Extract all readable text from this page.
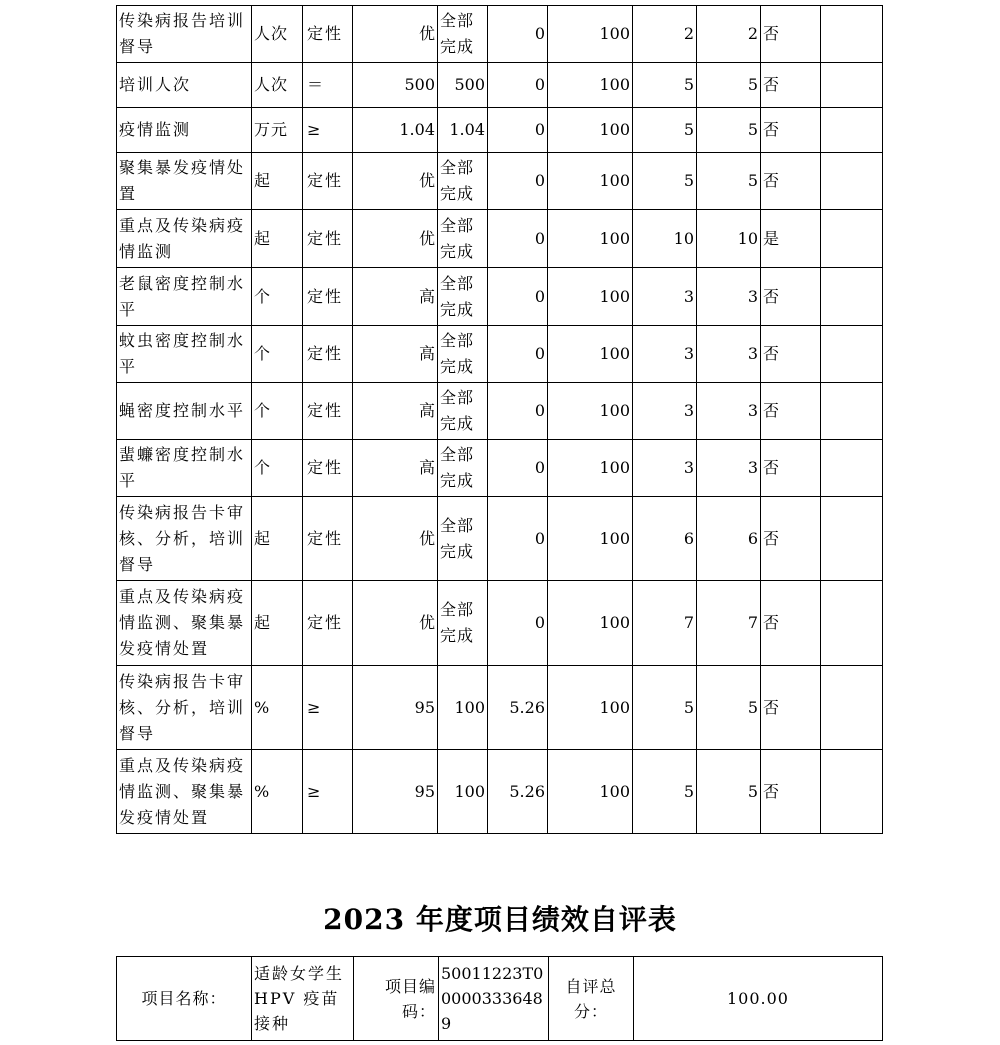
传染病报告培训督导	人次	定性	优	全部完成	0	100	2	2	否	
培训人次	人次	＝	500	500	0	100	5	5	否	
疫情监测	万元	≥	1.04	1.04	0	100	5	5	否	
聚集暴发疫情处置	起	定性	优	全部完成	0	100	5	5	否	
重点及传染病疫情监测	起	定性	优	全部完成	0	100	10	10	是	
老鼠密度控制水平	个	定性	高	全部完成	0	100	3	3	否	
蚊虫密度控制水平	个	定性	高	全部完成	0	100	3	3	否	
蝇密度控制水平	个	定性	高	全部完成	0	100	3	3	否	
蜚蠊密度控制水平	个	定性	高	全部完成	0	100	3	3	否	
传染病报告卡审核、分析，培训督导	起	定性	优	全部完成	0	100	6	6	否	
重点及传染病疫情监测、聚集暴发疫情处置	起	定性	优	全部完成	0	100	7	7	否	
传染病报告卡审核、分析，培训督导	%	≥	95	100	5.26	100	5	5	否	
重点及传染病疫情监测、聚集暴发疫情处置	%	≥	95	100	5.26	100	5	5	否	
2023 年度项目绩效自评表
项目名称：	适龄女学生HPV 疫苗接种	项目编码：	50011223T000003336489	自评总分：	100.00
